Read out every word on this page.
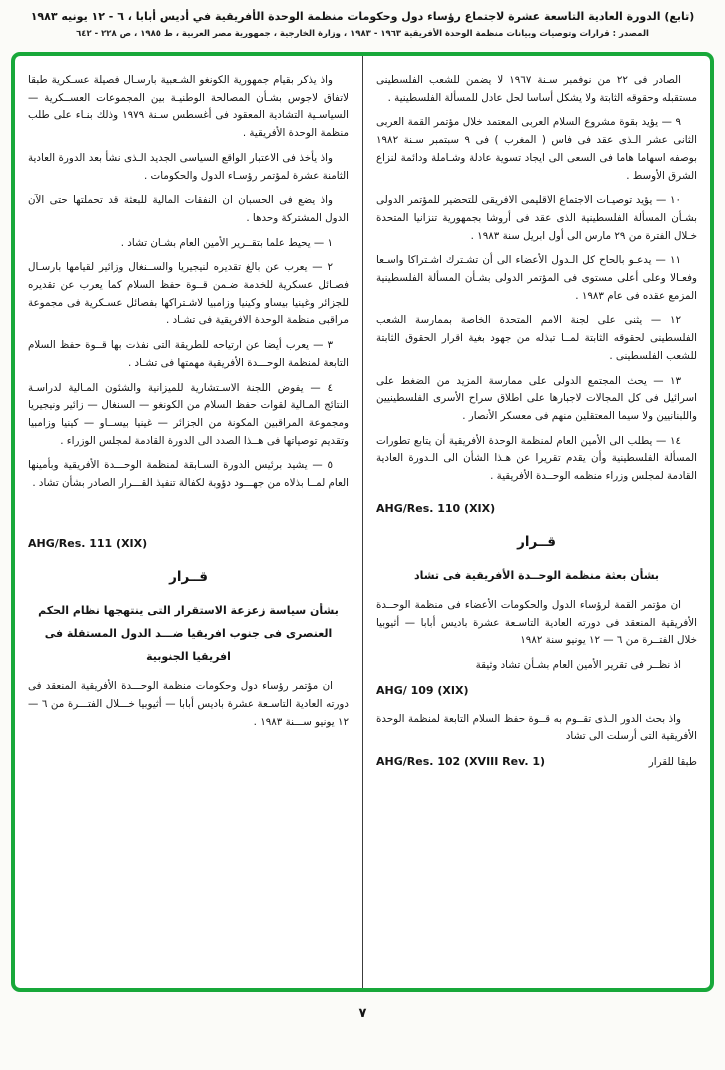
(تابع) الدورة العادية التاسعة عشرة لاجتماع رؤساء دول وحكومات منظمة الوحدة الأفريقية في أديس أبابا ، ٦ - ١٢ يونيه ١٩٨٣
المصدر : قرارات وتوصيات وبيانات منظمة الوحدة الأفريقية ١٩٦٣ - ١٩٨٣ ، وزارة الخارجية ، جمهورية مصر العربية ، ط ١٩٨٥ ، ص ٢٢٨ - ٦٤٢

الصادر فى ٢٢ من نوفمبر سـنة ١٩٦٧ لا يضمن للشعب الفلسطينى مستقبله وحقوقه الثابتة ولا يشكل أساسا لحل عادل للمسألة الفلسطينية .

٩ — يؤيد بقوة مشروع السلام العربى المعتمد خلال مؤتمر القمة العربى الثانى عشر الـذى عقد فى فاس ( المغرب ) فى ٩ سبتمبر سـنة ١٩٨٢ بوصفه اسهاما هاما فى السعى الى ايجاد تسوية عادلة وشـاملة ودائمة لنزاع الشرق الأوسط .

١٠ — يؤيد توصيـات الاجتماع الاقليمى الافريقى للتحضير للمؤتمر الدولى بشـأن المسألة الفلسطينية الذى عقد فى أروشا بجمهورية تنزانيا المتحدة خـلال الفترة من ٢٩ مارس الى أول ابريل سنة ١٩٨٣ .

١١ — يدعـو بالحاح كل الـدول الأعضاء الى أن تشـترك اشـتراكا واسـعا وفعـالا وعلى أعلى مستوى فى المؤتمر الدولى بشـأن المسألة الفلسطينية المزمع عقده فى عام ١٩٨٣ .

١٢ — يثنى على لجنة الامم المتحدة الخاصة بممارسة الشعب الفلسطينى لحقوقه الثابتة لمــا تبذله من جهود بغية اقرار الحقوق الثابتة للشعب الفلسطينى .

١٣ — يحث المجتمع الدولى على ممارسة المزيد من الضغط على اسرائيل فى كل المجالات لاجبارها على اطلاق سراح الأسرى الفلسطينيين واللبنانيين ولا سيما المعتقلين منهم فى معسكر الأنصار .

١٤ — يطلب الى الأمين العام لمنظمة الوحدة الأفريقية أن يتابع تطورات المسألة الفلسطينية وأن يقدم تقريرا عن هـذا الشأن الى الـدورة العادية القادمة لمجلس وزراء منظمه الوحــدة الأفريقية .

AHG/Res. 110 (XIX)
قــرار
بشأن بعثة منظمة الوحــدة الأفريقية فى تشاد

ان مؤتمر القمة لرؤساء الدول والحكومات الأعضاء فى منظمة الوحــدة الأفريقية المنعقد فى دورته العادية التاسـعة عشرة باديس أبابا — أثيوبيا خلال الفتــرة من ٦ — ١٢ يونيو سنة ١٩٨٢

اذ نظــر فى تقرير الأمين العام بشـأن تشاد وثيقة

AHG/ 109 (XIX)

واذ بحث الدور الـذى تقــوم به قــوة حفظ السلام التابعة لمنظمة الوحدة الأفريقية التى أرسلت الى تشاد

AHG/Res. 102 (XVIII Rev. 1)	طبقا للقرار

واذ يذكر بقيام جمهورية الكونغو الشـعبية بارسـال فصيلة عسـكرية طبقا لاتفاق لاجوس بشـأن المصالحة الوطنيـة بين المجموعات العســكرية — السياسـية التشادية المعقود فى أغسطس سـنة ١٩٧٩ وذلك بنـاء على طلب منظمة الوحدة الأفريقية .

واذ يأخذ فى الاعتبار الواقع السياسى الجديد الـذى نشأ بعد الدورة العادية الثامنة عشرة لمؤتمر رؤسـاء الدول والحكومات .

واذ يضع فى الحسبان ان النفقات المالية للبعثة قد تحملتها حتى الآن الدول المشتركة وحدها .

١ — يحيط علما بتقــرير الأمين العام بشـان تشاد .

٢ — يعرب عن بالغ تقديره لنيجيريا والســنغال وزائير لقيامها بارسـال فصـائل عسكرية للخدمة ضـمن قــوة حفظ السلام كما يعرب عن تقديره للجزائر وغينيا بيساو وكينيا وزامبيا لاشـتراكها بفصائل عسـكرية فى مجموعة مراقبى منظمة الوحدة الافريقية فى تشـاد .

٣ — يعرب أيضا عن ارتياحه للطريقة التى نفذت بها قــوة حفظ السلام التابعة لمنظمة الوحـــدة الأفريقية مهمتها فى تشـاد .

٤ — يفوض اللجنة الاسـتشارية للميزانية والشئون المـالية لدراسـة النتائج المـالية لقوات حفظ السلام من الكونغو — السنغال — زائير ونيجيريا ومجموعة المراقبين المكونة من الجزائر — غينيا بيســاو — كينيا وزامبيا وتقديم توصياتها فى هــذا الصدد الى الدورة القادمة لمجلس الوزراء .

٥ — يشيد برئيس الدورة السـابقة لمنظمة الوحـــدة الأفريقية وبأمينها العام لمــا بذلاه من جهـــود دؤوبة لكفالة تنفيذ القـــرار الصادر بشأن تشاد .

AHG/Res. 111 (XIX)
قــرار
بشأن سياسة زعزعة الاستقرار التى ينتهجها نظام الحكم العنصرى فى جنوب افريقيا ضـــد الدول المستقلة فى افريقيا الجنوبية

ان مؤتمر رؤساء دول وحكومات منظمة الوحـــدة الأفريقية المنعقد فى دورته العادية التاسـعة عشرة باديس أبابا — أثيوبيا خـــلال الفتـــرة من ٦ — ١٢ يونيو ســـنة ١٩٨٣ .

٧
